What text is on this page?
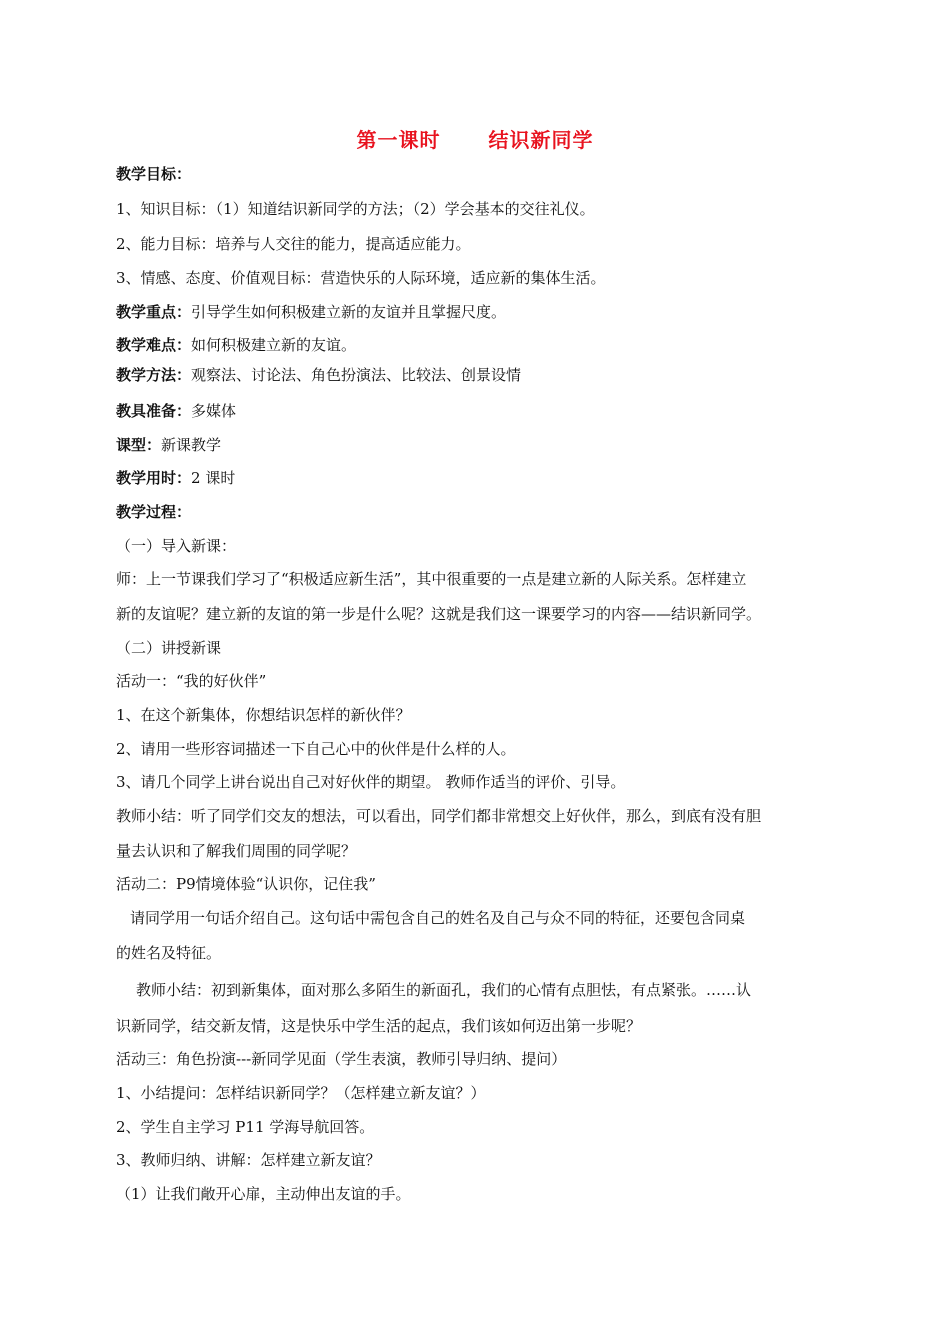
第一课时 结识新同学
教学目标：
1、知识目标：（1）知道结识新同学的方法；（2）学会基本的交往礼仪。
2、能力目标：培养与人交往的能力，提高适应能力。
3、情感、态度、价值观目标：营造快乐的人际环境，适应新的集体生活。
教学重点：引导学生如何积极建立新的友谊并且掌握尺度。
教学难点：如何积极建立新的友谊。
教学方法：观察法、讨论法、角色扮演法、比较法、创景设情
教具准备：多媒体
课型：新课教学
教学用时：2 课时
教学过程：
（一）导入新课：
师：上一节课我们学习了“积极适应新生活”，其中很重要的一点是建立新的人际关系。怎样建立
新的友谊呢？建立新的友谊的第一步是什么呢？这就是我们这一课要学习的内容——结识新同学。
（二）讲授新课
活动一：“我的好伙伴”
1、在这个新集体，你想结识怎样的新伙伴？
2、请用一些形容词描述一下自己心中的伙伴是什么样的人。
3、请几个同学上讲台说出自己对好伙伴的期望。 教师作适当的评价、引导。
教师小结：听了同学们交友的想法，可以看出，同学们都非常想交上好伙伴，那么，到底有没有胆
量去认识和了解我们周围的同学呢？
活动二：P9情境体验“认识你，记住我”
请同学用一句话介绍自己。这句话中需包含自己的姓名及自己与众不同的特征，还要包含同桌
的姓名及特征。
教师小结：初到新集体，面对那么多陌生的新面孔，我们的心情有点胆怯，有点紧张。……认
识新同学，结交新友情，这是快乐中学生活的起点，我们该如何迈出第一步呢？
活动三：角色扮演---新同学见面（学生表演，教师引导归纳、提问）
1、小结提问：怎样结识新同学？（怎样建立新友谊？）
2、学生自主学习 P11 学海导航回答。
3、教师归纳、讲解：怎样建立新友谊？
（1）让我们敞开心扉，主动伸出友谊的手。
